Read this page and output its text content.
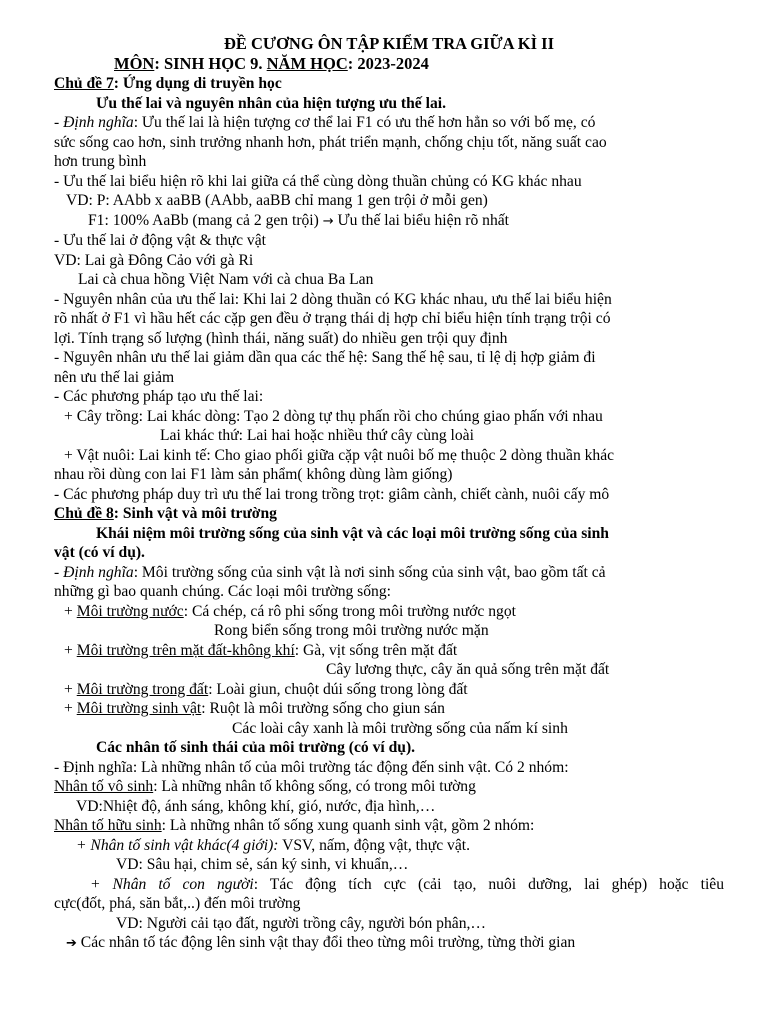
ĐỀ CƯƠNG ÔN TẬP KIỂM TRA GIỮA KÌ II
MÔN: SINH HỌC 9. NĂM HỌC: 2023-2024
Chủ đề 7: Ứng dụng di truyền học
Ưu thế lai và nguyên nhân của hiện tượng ưu thế lai.
- Định nghĩa: Ưu thế lai là hiện tượng cơ thể lai F1 có ưu thế hơn hẳn so với bố mẹ, có
sức sống cao hơn, sinh trưởng nhanh hơn, phát triển mạnh, chống chịu tốt, năng suất cao
hơn trung bình
- Ưu thế lai biểu hiện rõ khi lai giữa cá thể cùng dòng thuần chủng có KG khác nhau
VD: P: AAbb x aaBB (AAbb, aaBB chỉ mang 1 gen trội ở mỗi gen)
F1: 100% AaBb (mang cả 2 gen trội) → Ưu thế lai biểu hiện rõ nhất
- Ưu thế lai ở động vật & thực vật
VD: Lai gà Đông Cảo với gà Ri
Lai cà chua hồng Việt Nam với cà chua Ba Lan
- Nguyên nhân của ưu thế lai: Khi lai 2 dòng thuần có KG khác nhau, ưu thế lai biểu hiện
rõ nhất ở F1 vì hầu hết các cặp gen đều ở trạng thái dị hợp chỉ biểu hiện tính trạng trội có
lợi. Tính trạng số lượng (hình thái, năng suất) do nhiều gen trội quy định
- Nguyên nhân ưu thế lai giảm dần qua các thế hệ: Sang thế hệ sau, tỉ lệ dị hợp giảm đi
nên ưu thế lai giảm
- Các phương pháp tạo ưu thế lai:
+ Cây trồng: Lai khác dòng: Tạo 2 dòng tự thụ phấn rồi cho chúng giao phấn với nhau
Lai khác thứ: Lai hai hoặc nhiều thứ cây cùng loài
+ Vật nuôi: Lai kinh tế: Cho giao phối giữa cặp vật nuôi bố mẹ thuộc 2 dòng thuần khác
nhau rồi dùng con lai F1 làm sản phẩm( không dùng làm giống)
- Các phương pháp duy trì ưu thế lai trong trồng trọt: giâm cành, chiết cành, nuôi cấy mô
Chủ đề 8: Sinh vật và môi trường
Khái niệm môi trường sống của sinh vật và các loại môi trường sống của sinh
vật (có ví dụ).
- Định nghĩa: Môi trường sống của sinh vật là nơi sinh sống của sinh vật, bao gồm tất cả
những gì bao quanh chúng. Các loại môi trường sống:
+ Môi trường nước: Cá chép, cá rô phi sống trong môi trường nước ngọt
Rong biển sống trong môi trường nước mặn
+ Môi trường trên mặt đất-không khí: Gà, vịt sống trên mặt đất
Cây lương thực, cây ăn quả sống trên mặt đất
+ Môi trường trong đất: Loài giun, chuột dúi sống trong lòng đất
+ Môi trường sinh vật: Ruột là môi trường sống cho giun sán
Các loài cây xanh là môi trường sống của nấm kí sinh
Các nhân tố sinh thái của môi trường (có ví dụ).
- Định nghĩa: Là những nhân tố của môi trường tác động đến sinh vật. Có 2 nhóm:
Nhân tố vô sinh: Là những nhân tố không sống, có trong môi tường
VD:Nhiệt độ, ánh sáng, không khí, gió, nước, địa hình,…
Nhân tố hữu sinh: Là những nhân tố sống xung quanh sinh vật, gồm 2 nhóm:
+ Nhân tố sinh vật khác(4 giới): VSV, nấm, động vật, thực vật.
VD: Sâu hại, chim sẻ, sán ký sinh, vi khuẩn,…
+ Nhân tố con người: Tác động tích cực (cải tạo, nuôi dưỡng, lai ghép) hoặc tiêu
cực(đốt, phá, săn bắt,..) đến môi trường
VD: Người cải tạo đất, người trồng cây, người bón phân,…
➔ Các nhân tố tác động lên sinh vật thay đổi theo từng môi trường, từng thời gian
